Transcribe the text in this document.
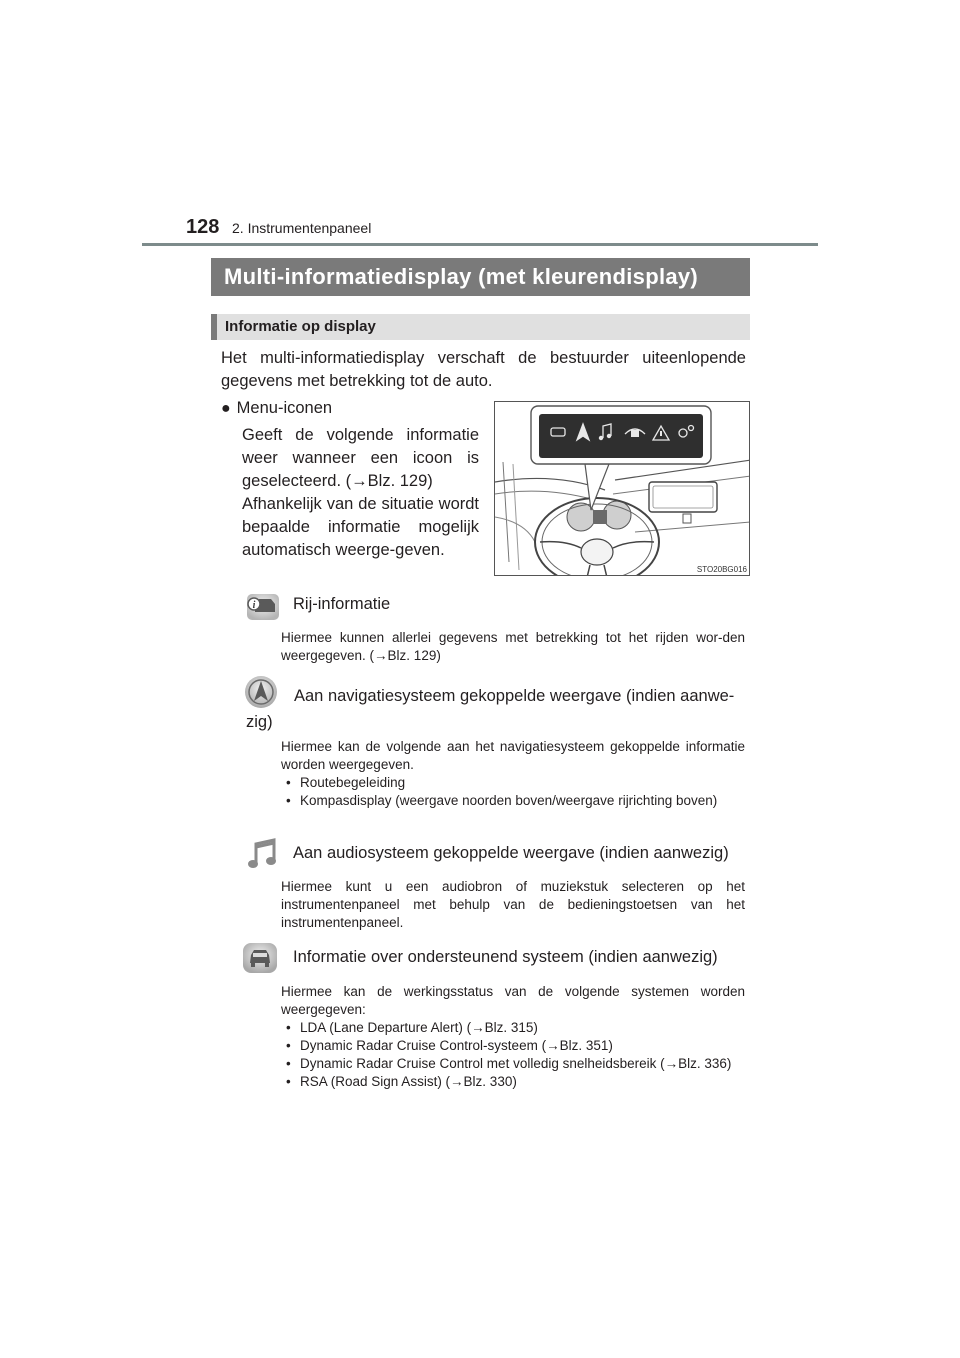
128 2. Instrumentenpaneel
Multi-informatiedisplay (met kleurendisplay)
Informatie op display
Het multi-informatiedisplay verschaft de bestuurder uiteenlopende gegevens met betrekking tot de auto.
● Menu-iconen

Geeft de volgende informatie weer wanneer een icoon is geselecteerd. (→Blz. 129)

Afhankelijk van de situatie wordt bepaalde informatie mogelijk automatisch weerge-geven.

STO20BG016
i Rij-informatie
Hiermee kunnen allerlei gegevens met betrekking tot het rijden wor-den weergegeven. (→Blz. 129)
Aan navigatiesysteem gekoppelde weergave (indien aanwe-zig)
Hiermee kan de volgende aan het navigatiesysteem gekoppelde informatie worden weergegeven.
• Routebegeleiding
• Kompasdisplay (weergave noorden boven/weergave rijrichting boven)
Aan audiosysteem gekoppelde weergave (indien aanwezig)
Hiermee kunt u een audiobron of muziekstuk selecteren op het instrumentenpaneel met behulp van de bedieningstoetsen van het instrumentenpaneel.
Informatie over ondersteunend systeem (indien aanwezig)
Hiermee kan de werkingsstatus van de volgende systemen worden weergegeven:
• LDA (Lane Departure Alert) (→Blz. 315)
• Dynamic Radar Cruise Control-systeem (→Blz. 351)
• Dynamic Radar Cruise Control met volledig snelheidsbereik (→Blz. 336)
• RSA (Road Sign Assist) (→Blz. 330)
